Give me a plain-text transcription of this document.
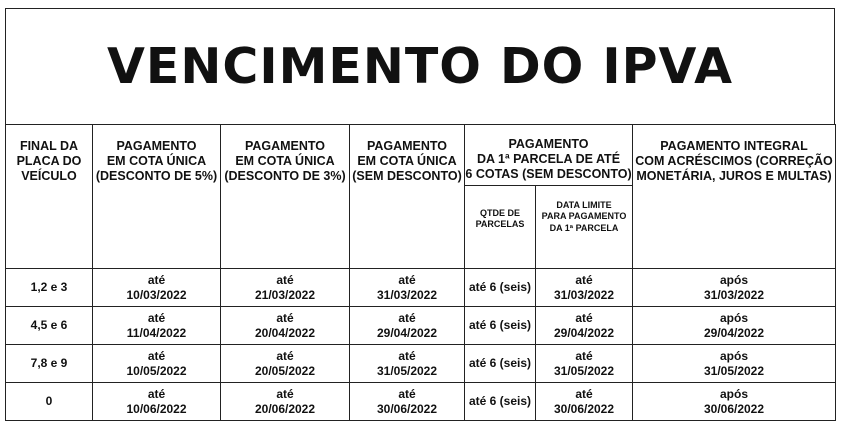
VENCIMENTO DO IPVA
FINAL DA
PLACA DO
VEÍCULO	PAGAMENTO
EM COTA ÚNICA
(DESCONTO DE 5%)	PAGAMENTO
EM COTA ÚNICA
(DESCONTO DE 3%)	PAGAMENTO
EM COTA ÚNICA
(SEM DESCONTO)	PAGAMENTO
DA 1ª PARCELA DE ATÉ
6 COTAS (SEM DESCONTO)		PAGAMENTO INTEGRAL
COM ACRÉSCIMOS (CORREÇÃO
MONETÁRIA, JUROS E MULTAS)

				QTDE DE
PARCELAS	DATA LIMITE
PARA PAGAMENTO
DA 1ª PARCELA	

1,2 e 3	até
10/03/2022	até
21/03/2022	até
31/03/2022	até 6 (seis)	até
31/03/2022	após
31/03/2022

4,5 e 6	até
11/04/2022	até
20/04/2022	até
29/04/2022	até 6 (seis)	até
29/04/2022	após
29/04/2022

7,8 e 9	até
10/05/2022	até
20/05/2022	até
31/05/2022	até 6 (seis)	até
31/05/2022	após
31/05/2022

0	até
10/06/2022	até
20/06/2022	até
30/06/2022	até 6 (seis)	até
30/06/2022	após
30/06/2022
